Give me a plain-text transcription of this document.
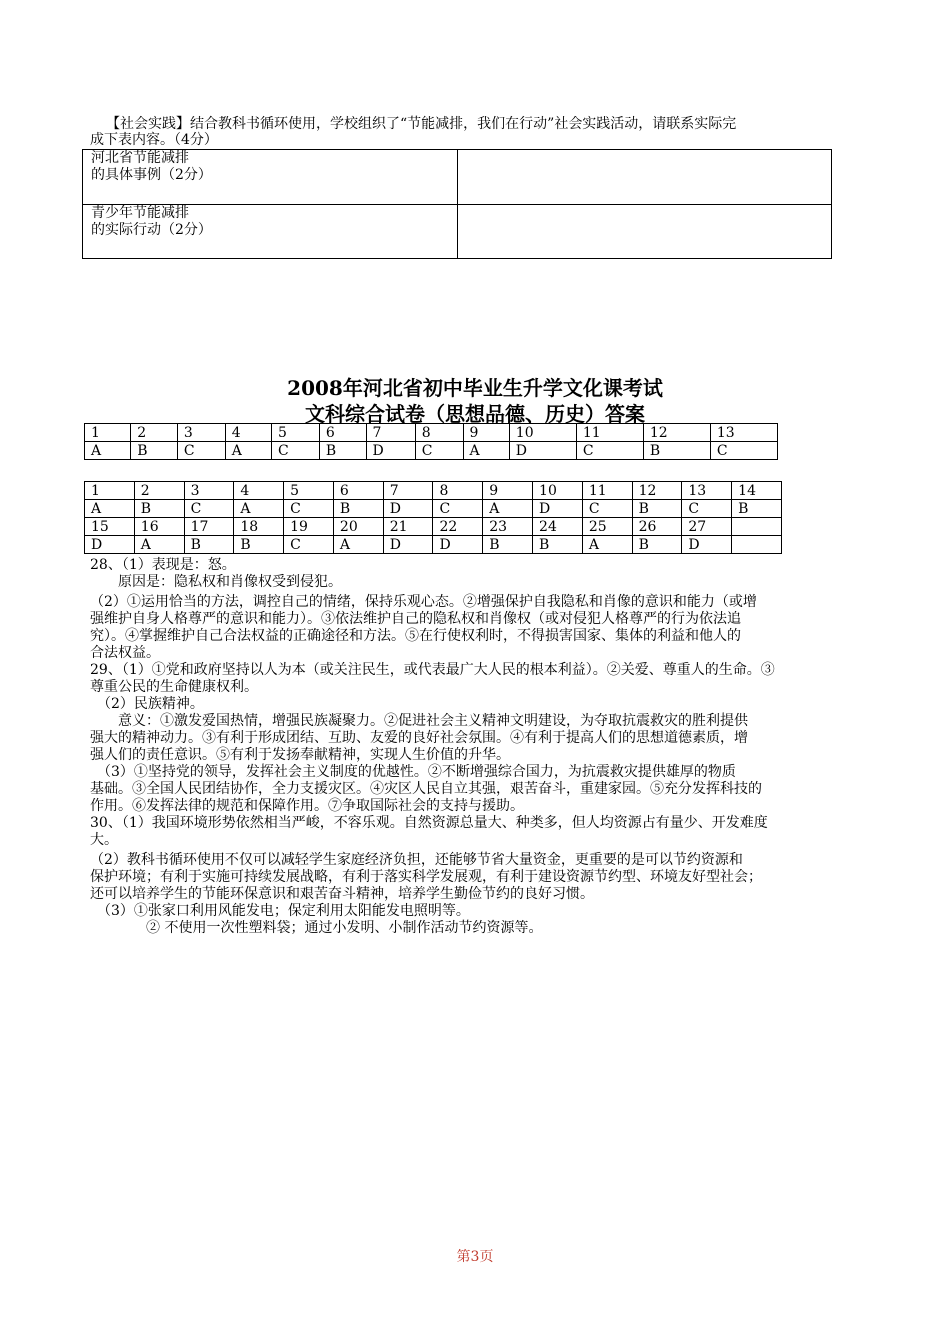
【社会实践】结合教科书循环使用，学校组织了“节能减排，我们在行动”社会实践活动，请联系实际完
成下表内容。（4分）
河北省节能减排
的具体事例（2分）	

青少年节能减排
的实际行动（2分）	

2008年河北省初中毕业生升学文化课考试
文科综合试卷（思想品德、历史）答案
1	2	3	4	5	6	7	8	9	10	11	12	13
A	B	C	A	C	B	D	C	A	D	C	B	C
1	2	3	4	5	6	7	8	9	10	11	12	13	14
A	B	C	A	C	B	D	C	A	D	C	B	C	B
15	16	17	18	19	20	21	22	23	24	25	26	27	
D	A	B	B	C	A	D	D	B	B	A	B	D	
28、（1）表现是：怒。
　　原因是：隐私权和肖像权受到侵犯。
（2）①运用恰当的方法，调控自己的情绪，保持乐观心态。②增强保护自我隐私和肖像的意识和能力（或增
强维护自身人格尊严的意识和能力）。③依法维护自己的隐私权和肖像权（或对侵犯人格尊严的行为依法追
究）。④掌握维护自己合法权益的正确途径和方法。⑤在行使权利时，不得损害国家、集体的利益和他人的
合法权益。
29、（1）①党和政府坚持以人为本（或关注民生，或代表最广大人民的根本利益）。②关爱、尊重人的生命。③
尊重公民的生命健康权利。
　（2）民族精神。
　　意义：①激发爱国热情，增强民族凝聚力。②促进社会主义精神文明建设，为夺取抗震救灾的胜利提供
强大的精神动力。③有利于形成团结、互助、友爱的良好社会氛围。④有利于提高人们的思想道德素质，增
强人们的责任意识。⑤有利于发扬奉献精神，实现人生价值的升华。
　（3）①坚持党的领导，发挥社会主义制度的优越性。②不断增强综合国力，为抗震救灾提供雄厚的物质
基础。③全国人民团结协作，全力支援灾区。④灾区人民自立其强，艰苦奋斗，重建家园。⑤充分发挥科技的
作用。⑥发挥法律的规范和保障作用。⑦争取国际社会的支持与援助。
30、（1）我国环境形势依然相当严峻，不容乐观。自然资源总量大、种类多，但人均资源占有量少、开发难度
大。
（2）教科书循环使用不仅可以减轻学生家庭经济负担，还能够节省大量资金，更重要的是可以节约资源和
保护环境；有利于实施可持续发展战略，有利于落实科学发展观，有利于建设资源节约型、环境友好型社会；
还可以培养学生的节能环保意识和艰苦奋斗精神，培养学生勤俭节约的良好习惯。
　（3）①张家口利用风能发电；保定利用太阳能发电照明等。
　　　　② 不使用一次性塑料袋；通过小发明、小制作活动节约资源等。
第3页
